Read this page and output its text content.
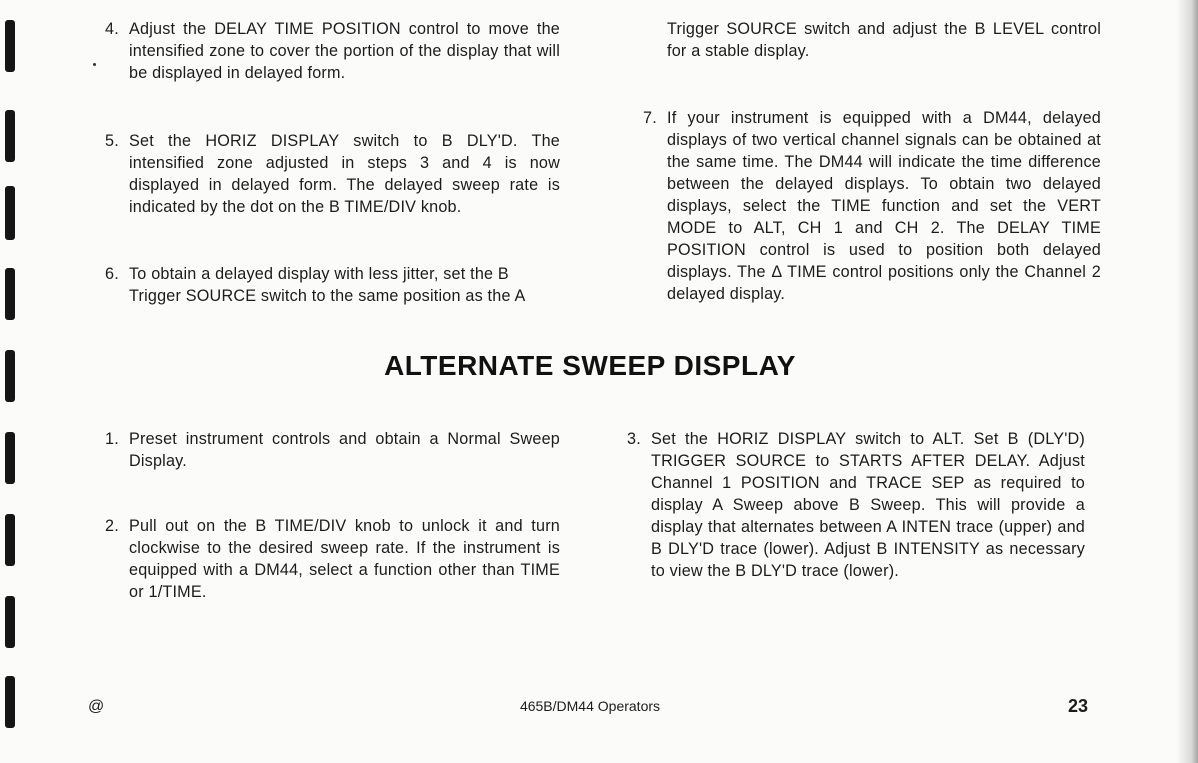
4. Adjust the DELAY TIME POSITION control to move the intensified zone to cover the portion of the display that will be displayed in delayed form.
5. Set the HORIZ DISPLAY switch to B DLY'D. The intensified zone adjusted in steps 3 and 4 is now displayed in delayed form. The delayed sweep rate is indicated by the dot on the B TIME/DIV knob.
6. To obtain a delayed display with less jitter, set the B Trigger SOURCE switch to the same position as the A
Trigger SOURCE switch and adjust the B LEVEL control for a stable display.
7. If your instrument is equipped with a DM44, delayed displays of two vertical channel signals can be obtained at the same time. The DM44 will indicate the time difference between the delayed displays. To obtain two delayed displays, select the TIME function and set the VERT MODE to ALT, CH 1 and CH 2. The DELAY TIME POSITION control is used to position both delayed displays. The Δ TIME control positions only the Channel 2 delayed display.
ALTERNATE SWEEP DISPLAY
1. Preset instrument controls and obtain a Normal Sweep Display.
2. Pull out on the B TIME/DIV knob to unlock it and turn clockwise to the desired sweep rate. If the instrument is equipped with a DM44, select a function other than TIME or 1/TIME.
3. Set the HORIZ DISPLAY switch to ALT. Set B (DLY'D) TRIGGER SOURCE to STARTS AFTER DELAY. Adjust Channel 1 POSITION and TRACE SEP as required to display A Sweep above B Sweep. This will provide a display that alternates between A INTEN trace (upper) and B DLY'D trace (lower). Adjust B INTENSITY as necessary to view the B DLY'D trace (lower).
@	465B/DM44 Operators	23
